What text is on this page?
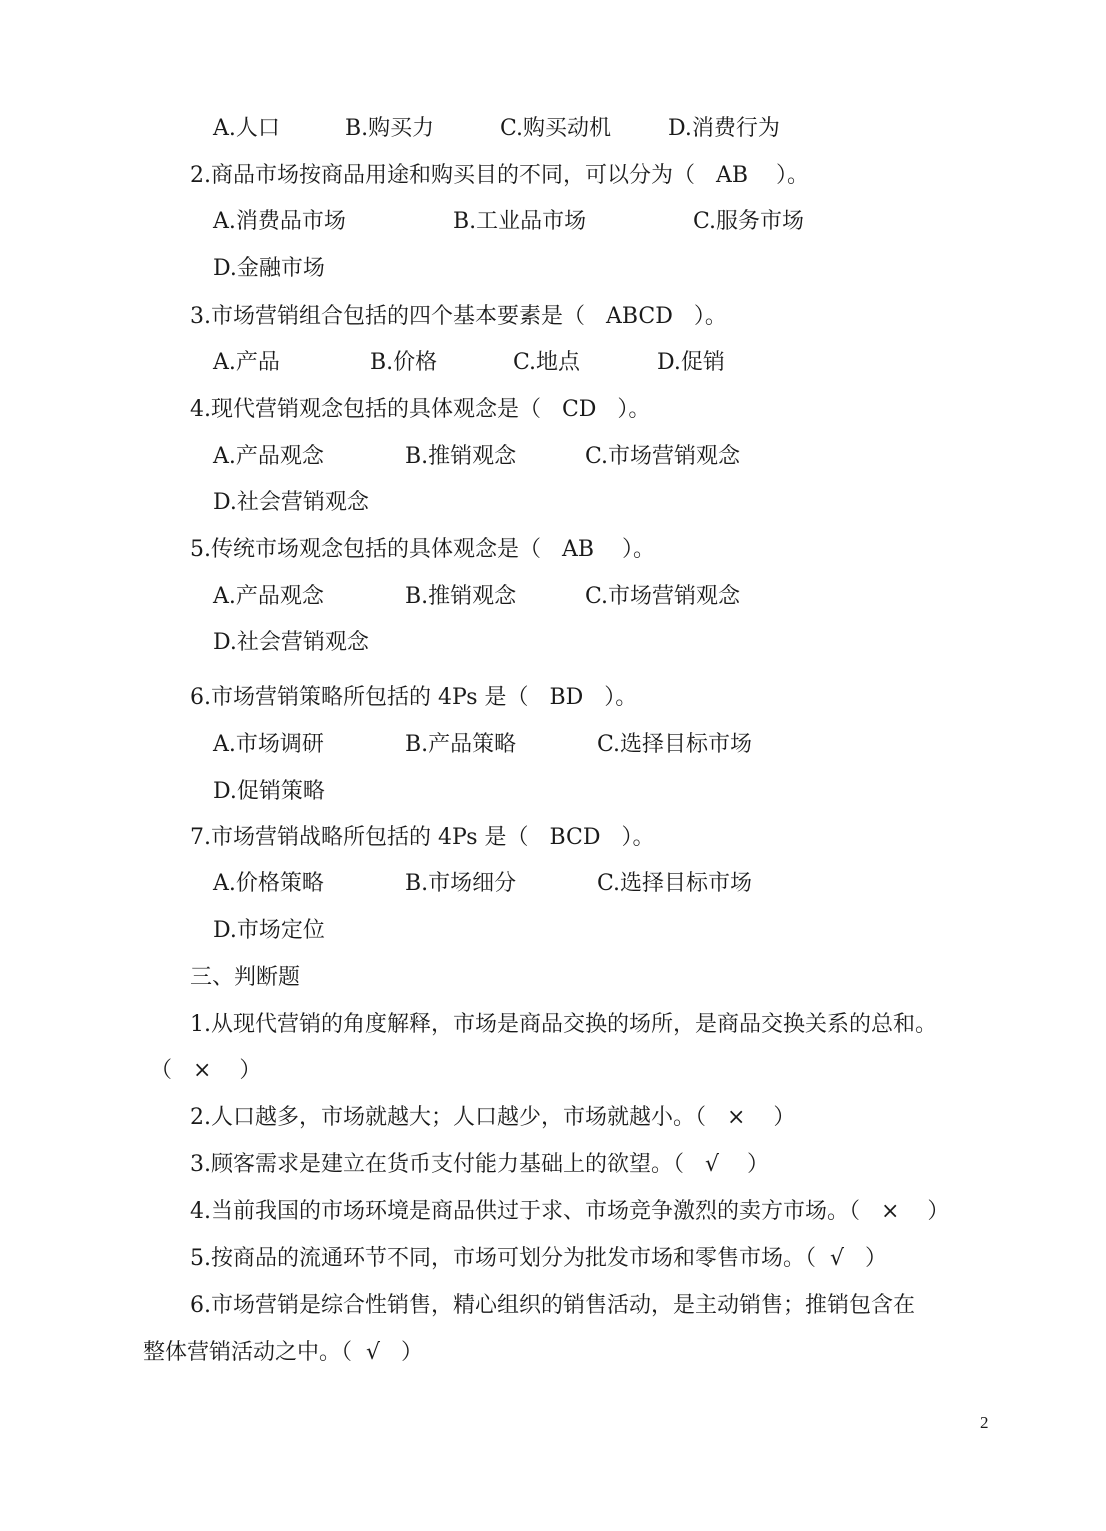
A.人口	B.购买力	C.购买动机	D.消费行为
2.商品市场按商品用途和购买目的不同，可以分为（   AB    ）。
A.消费品市场	B.工业品市场	C.服务市场
D.金融市场
3.市场营销组合包括的四个基本要素是（   ABCD   ）。
A.产品	B.价格	C.地点	D.促销
4.现代营销观念包括的具体观念是（   CD   ）。
A.产品观念	B.推销观念	C.市场营销观念
D.社会营销观念
5.传统市场观念包括的具体观念是（   AB    ）。
A.产品观念	B.推销观念	C.市场营销观念
D.社会营销观念
6.市场营销策略所包括的 4Ps 是（   BD   ）。
A.市场调研	B.产品策略	C.选择目标市场
D.促销策略
7.市场营销战略所包括的 4Ps 是（   BCD   ）。
A.价格策略	B.市场细分	C.选择目标市场
D.市场定位
三、判断题
1.从现代营销的角度解释，市场是商品交换的场所，是商品交换关系的总和。
（   ×    ）
2.人口越多，市场就越大；人口越少，市场就越小。（   ×    ）
3.顾客需求是建立在货币支付能力基础上的欲望。（   √    ）
4.当前我国的市场环境是商品供过于求、市场竞争激烈的卖方市场。（   ×    ）
5.按商品的流通环节不同，市场可划分为批发市场和零售市场。（  √   ）
6.市场营销是综合性销售，精心组织的销售活动，是主动销售；推销包含在
整体营销活动之中。（  √   ）
2
